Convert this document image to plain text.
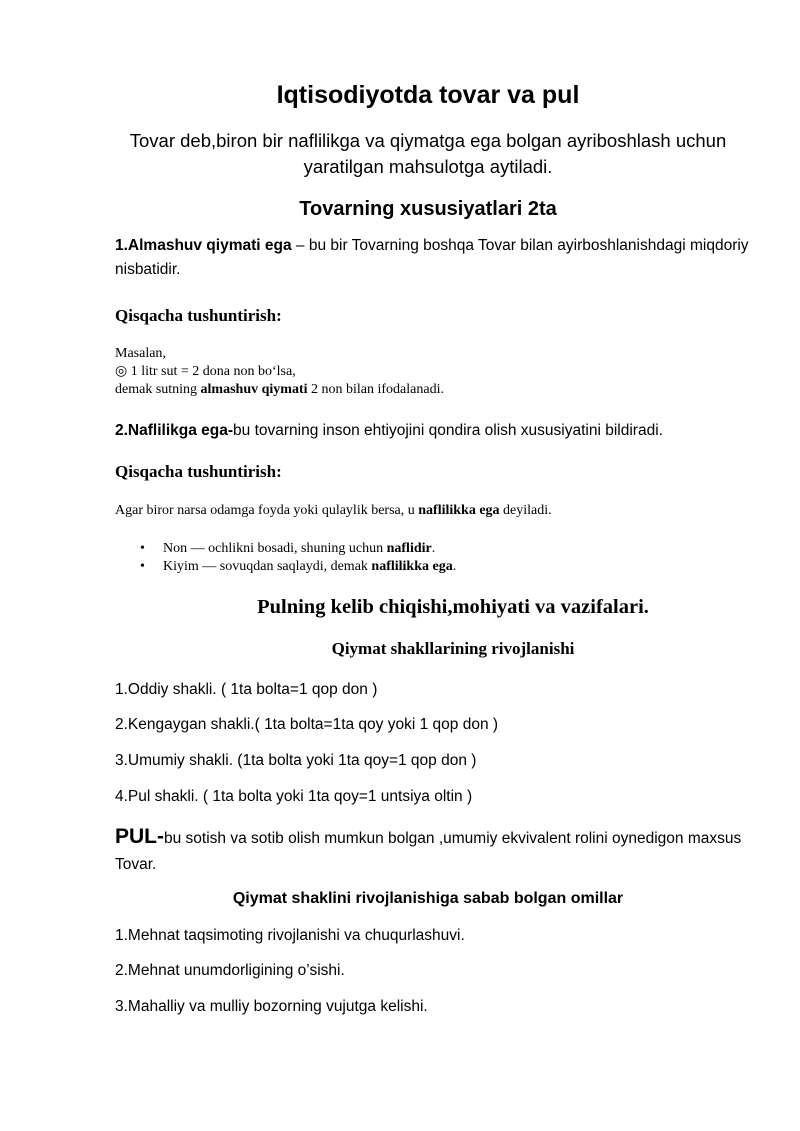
Iqtisodiyotda tovar va pul
Tovar deb,biron bir naflilikga va qiymatga ega bolgan ayriboshlash uchun yaratilgan mahsulotga aytiladi.
Tovarning xususiyatlari 2ta
1.Almashuv qiymati ega – bu bir Tovarning boshqa Tovar bilan ayirboshlanishdagi miqdoriy nisbatidir.
Qisqacha tushuntirish:
Masalan,
◎ 1 litr sut = 2 dona non bo‘lsa,
demak sutning almashuv qiymati 2 non bilan ifodalanadi.
2.Naflilikga ega-bu tovarning inson ehtiyojini qondira olish xususiyatini bildiradi.
Qisqacha tushuntirish:
Agar biror narsa odamga foyda yoki qulaylik bersa, u naflilikka ega deyiladi.
• Non — ochlikni bosadi, shuning uchun naflidir.
• Kiyim — sovuqdan saqlaydi, demak naflilikka ega.
Pulning kelib chiqishi,mohiyati va vazifalari.
Qiymat shakllarining rivojlanishi
1.Oddiy shakli. ( 1ta bolta=1 qop don )
2.Kengaygan shakli.( 1ta bolta=1ta qoy yoki 1 qop don )
3.Umumiy shakli. (1ta bolta yoki 1ta qoy=1 qop don )
4.Pul shakli. ( 1ta bolta yoki 1ta qoy=1 untsiya oltin )
PUL-bu sotish va sotib olish mumkun bolgan ,umumiy ekvivalent rolini oynedigon maxsus Tovar.
Qiymat shaklini rivojlanishiga sabab bolgan omillar
1.Mehnat taqsimoting rivojlanishi va chuqurlashuvi.
2.Mehnat unumdorligining o’sishi.
3.Mahalliy va mulliy bozorning vujutga kelishi.
